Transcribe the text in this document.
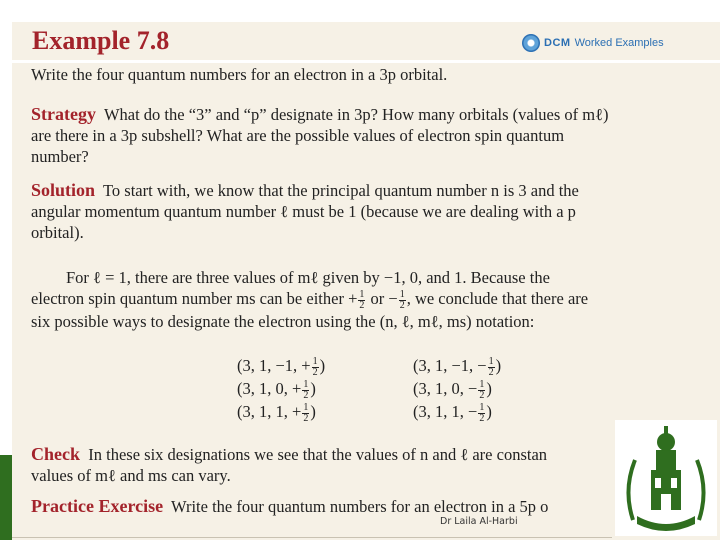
Example 7.8	DCM Worked Examples
Write the four quantum numbers for an electron in a 3p orbital.
Strategy What do the “3” and “p” designate in 3p? How many orbitals (values of mℓ)
are there in a 3p subshell? What are the possible values of electron spin quantum
number?
Solution To start with, we know that the principal quantum number n is 3 and the
angular momentum quantum number ℓ must be 1 (because we are dealing with a p
orbital).
For ℓ = 1, there are three values of mℓ given by −1, 0, and 1. Because the
electron spin quantum number ms can be either + $\frac{1}{2}$ or − $\frac{1}{2}$ , we conclude that there are
six possible ways to designate the electron using the (n, ℓ, mℓ, ms) notation:
(3, 1, −1, + $\frac{1}{2}$ )
(3, 1, 0, + $\frac{1}{2}$ )
(3, 1, 1, + $\frac{1}{2}$ )
(3, 1, −1, − $\frac{1}{2}$ )
(3, 1, 0, − $\frac{1}{2}$ )
(3, 1, 1, − $\frac{1}{2}$ )
Check In these six designations we see that the values of n and ℓ are constan
values of mℓ and ms can vary.
Practice Exercise Write the four quantum numbers for an electron in a 5p o
Dr Laila Al-Harbi
